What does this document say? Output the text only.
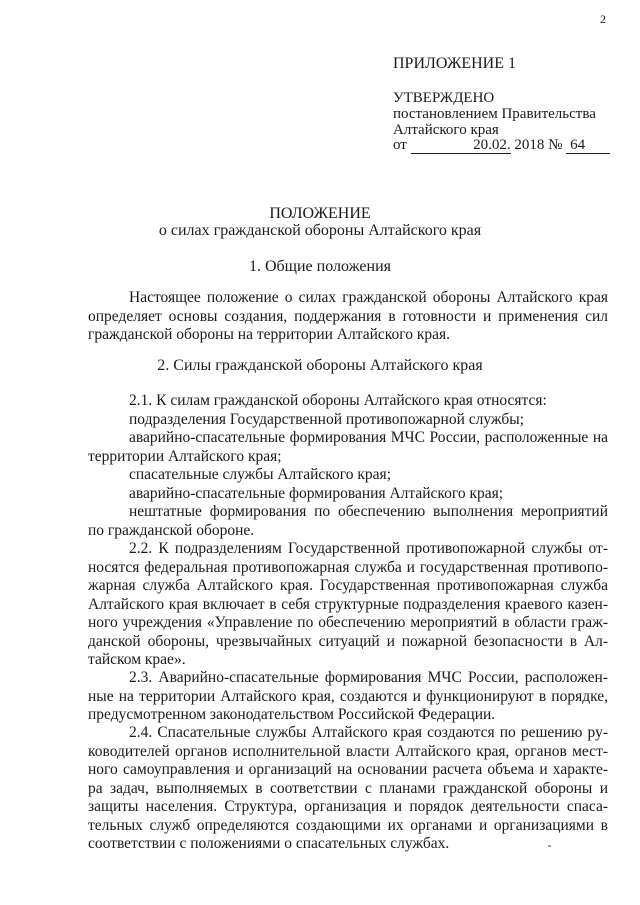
2
ПРИЛОЖЕНИЕ 1
УТВЕРЖДЕНО
постановлением Правительства
Алтайского края
от	20.02. 2018 № 64
ПОЛОЖЕНИЕ
о силах гражданской обороны Алтайского края
1. Общие положения
Настоящее положение о силах гражданской обороны Алтайского края
определяет основы создания, поддержания в готовности и применения сил
гражданской обороны на территории Алтайского края.
2. Силы гражданской обороны Алтайского края
2.1. К силам гражданской обороны Алтайского края относятся:
подразделения Государственной противопожарной службы;
аварийно-спасательные формирования МЧС России, расположенные на
территории Алтайского края;
спасательные службы Алтайского края;
аварийно-спасательные формирования Алтайского края;
нештатные формирования по обеспечению выполнения мероприятий
по гражданской обороне.
2.2. К подразделениям Государственной противопожарной службы от-
носятся федеральная противопожарная служба и государственная противопо-
жарная служба Алтайского края. Государственная противопожарная служба
Алтайского края включает в себя структурные подразделения краевого казен-
ного учреждения «Управление по обеспечению мероприятий в области граж-
данской обороны, чрезвычайных ситуаций и пожарной безопасности в Ал-
тайском крае».
2.3. Аварийно-спасательные формирования МЧС России, расположен-
ные на территории Алтайского края, создаются и функционируют в порядке,
предусмотренном законодательством Российской Федерации.
2.4. Спасательные службы Алтайского края создаются по решению ру-
ководителей органов исполнительной власти Алтайского края, органов мест-
ного самоуправления и организаций на основании расчета объема и характе-
ра задач, выполняемых в соответствии с планами гражданской обороны и
защиты населения. Структура, организация и порядок деятельности спаса-
тельных служб определяются создающими их органами и организациями в
соответствии с положениями о спасательных службах.
